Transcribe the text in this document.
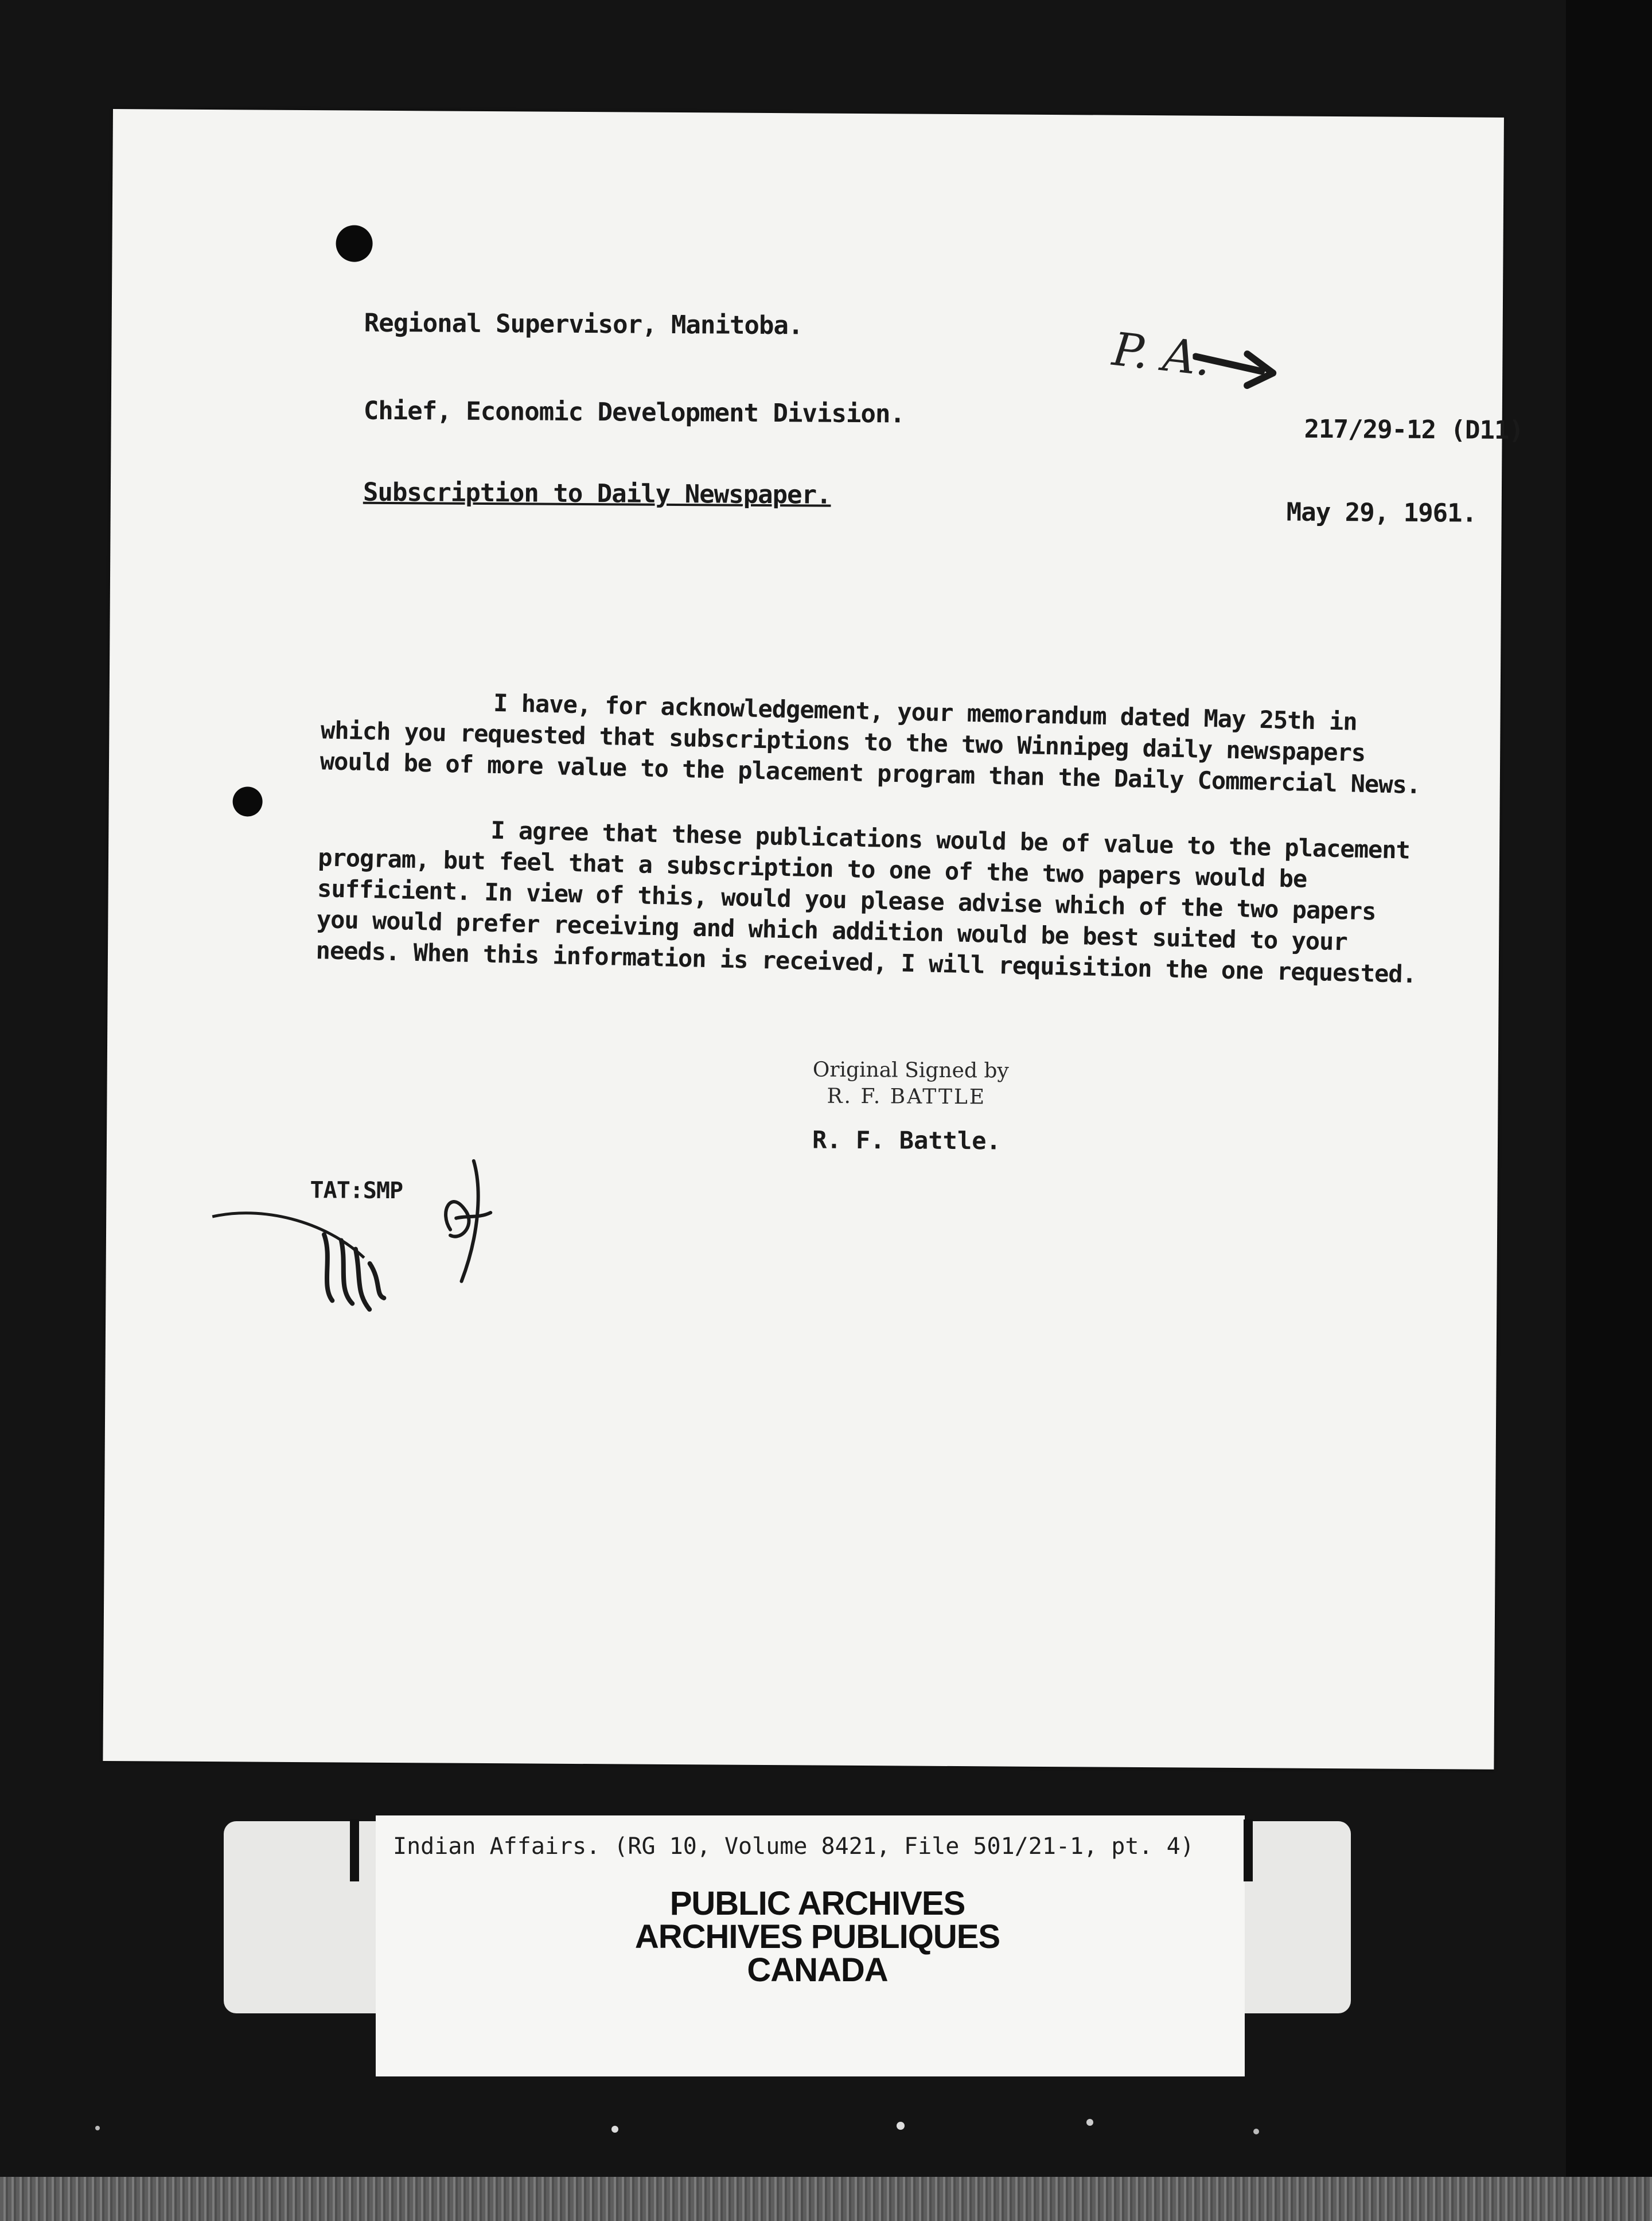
Regional Supervisor, Manitoba.
Chief, Economic Development Division.
Subscription to Daily Newspaper.
P. A.
217/29-12 (D11)
May 29, 1961.

I have, for acknowledgement, your memorandum dated May 25th in which you requested that subscriptions to the two Winnipeg daily newspapers would be of more value to the placement program than the Daily Commercial News.

I agree that these publications would be of value to the placement program, but feel that a subscription to one of the two papers would be sufficient. In view of this, would you please advise which of the two papers you would prefer receiving and which addition would be best suited to your needs. When this information is received, I will requisition the one requested.

Original Signed by
R. F. BATTLE
R. F. Battle.
TAT:SMP
Indian Affairs. (RG 10, Volume 8421, File 501/21-1, pt. 4)
PUBLIC ARCHIVES
ARCHIVES PUBLIQUES
CANADA
